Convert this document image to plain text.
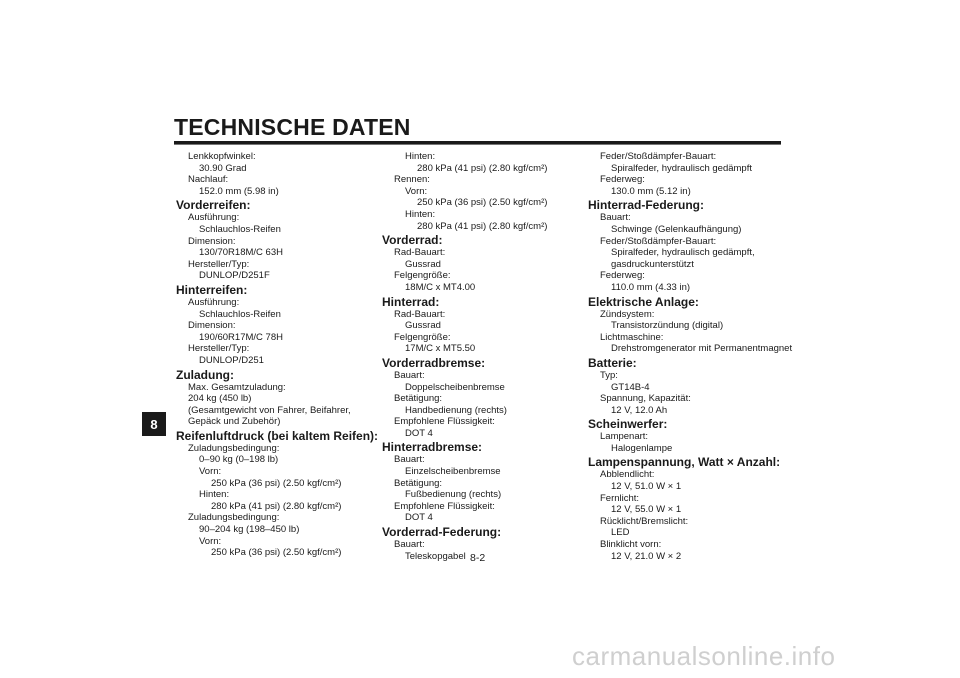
TECHNISCHE DATEN
8
Lenkkopfwinkel:
30.90 Grad
Nachlauf:
152.0 mm (5.98 in)
Vorderreifen:
Ausführung:
Schlauchlos-Reifen
Dimension:
130/70R18M/C 63H
Hersteller/Typ:
DUNLOP/D251F
Hinterreifen:
Ausführung:
Schlauchlos-Reifen
Dimension:
190/60R17M/C 78H
Hersteller/Typ:
DUNLOP/D251
Zuladung:
Max. Gesamtzuladung:
204 kg (450 lb)
(Gesamtgewicht von Fahrer, Beifahrer,
Gepäck und Zubehör)
Reifenluftdruck (bei kaltem Reifen):
Zuladungsbedingung:
0–90 kg (0–198 lb)
Vorn:
250 kPa (36 psi) (2.50 kgf/cm²)
Hinten:
280 kPa (41 psi) (2.80 kgf/cm²)
Zuladungsbedingung:
90–204 kg (198–450 lb)
Vorn:
250 kPa (36 psi) (2.50 kgf/cm²)
Hinten:
280 kPa (41 psi) (2.80 kgf/cm²)
Rennen:
Vorn:
250 kPa (36 psi) (2.50 kgf/cm²)
Hinten:
280 kPa (41 psi) (2.80 kgf/cm²)
Vorderrad:
Rad-Bauart:
Gussrad
Felgengröße:
18M/C x MT4.00
Hinterrad:
Rad-Bauart:
Gussrad
Felgengröße:
17M/C x MT5.50
Vorderradbremse:
Bauart:
Doppelscheibenbremse
Betätigung:
Handbedienung (rechts)
Empfohlene Flüssigkeit:
DOT 4
Hinterradbremse:
Bauart:
Einzelscheibenbremse
Betätigung:
Fußbedienung (rechts)
Empfohlene Flüssigkeit:
DOT 4
Vorderrad-Federung:
Bauart:
Teleskopgabel
Feder/Stoßdämpfer-Bauart:
Spiralfeder, hydraulisch gedämpft
Federweg:
130.0 mm (5.12 in)
Hinterrad-Federung:
Bauart:
Schwinge (Gelenkaufhängung)
Feder/Stoßdämpfer-Bauart:
Spiralfeder, hydraulisch gedämpft,
gasdruckunterstützt
Federweg:
110.0 mm (4.33 in)
Elektrische Anlage:
Zündsystem:
Transistorzündung (digital)
Lichtmaschine:
Drehstromgenerator mit Permanentmagnet
Batterie:
Typ:
GT14B-4
Spannung, Kapazität:
12 V, 12.0 Ah
Scheinwerfer:
Lampenart:
Halogenlampe
Lampenspannung, Watt × Anzahl:
Abblendlicht:
12 V, 51.0 W × 1
Fernlicht:
12 V, 55.0 W × 1
Rücklicht/Bremslicht:
LED
Blinklicht vorn:
12 V, 21.0 W × 2
8-2
carmanualsonline.info
